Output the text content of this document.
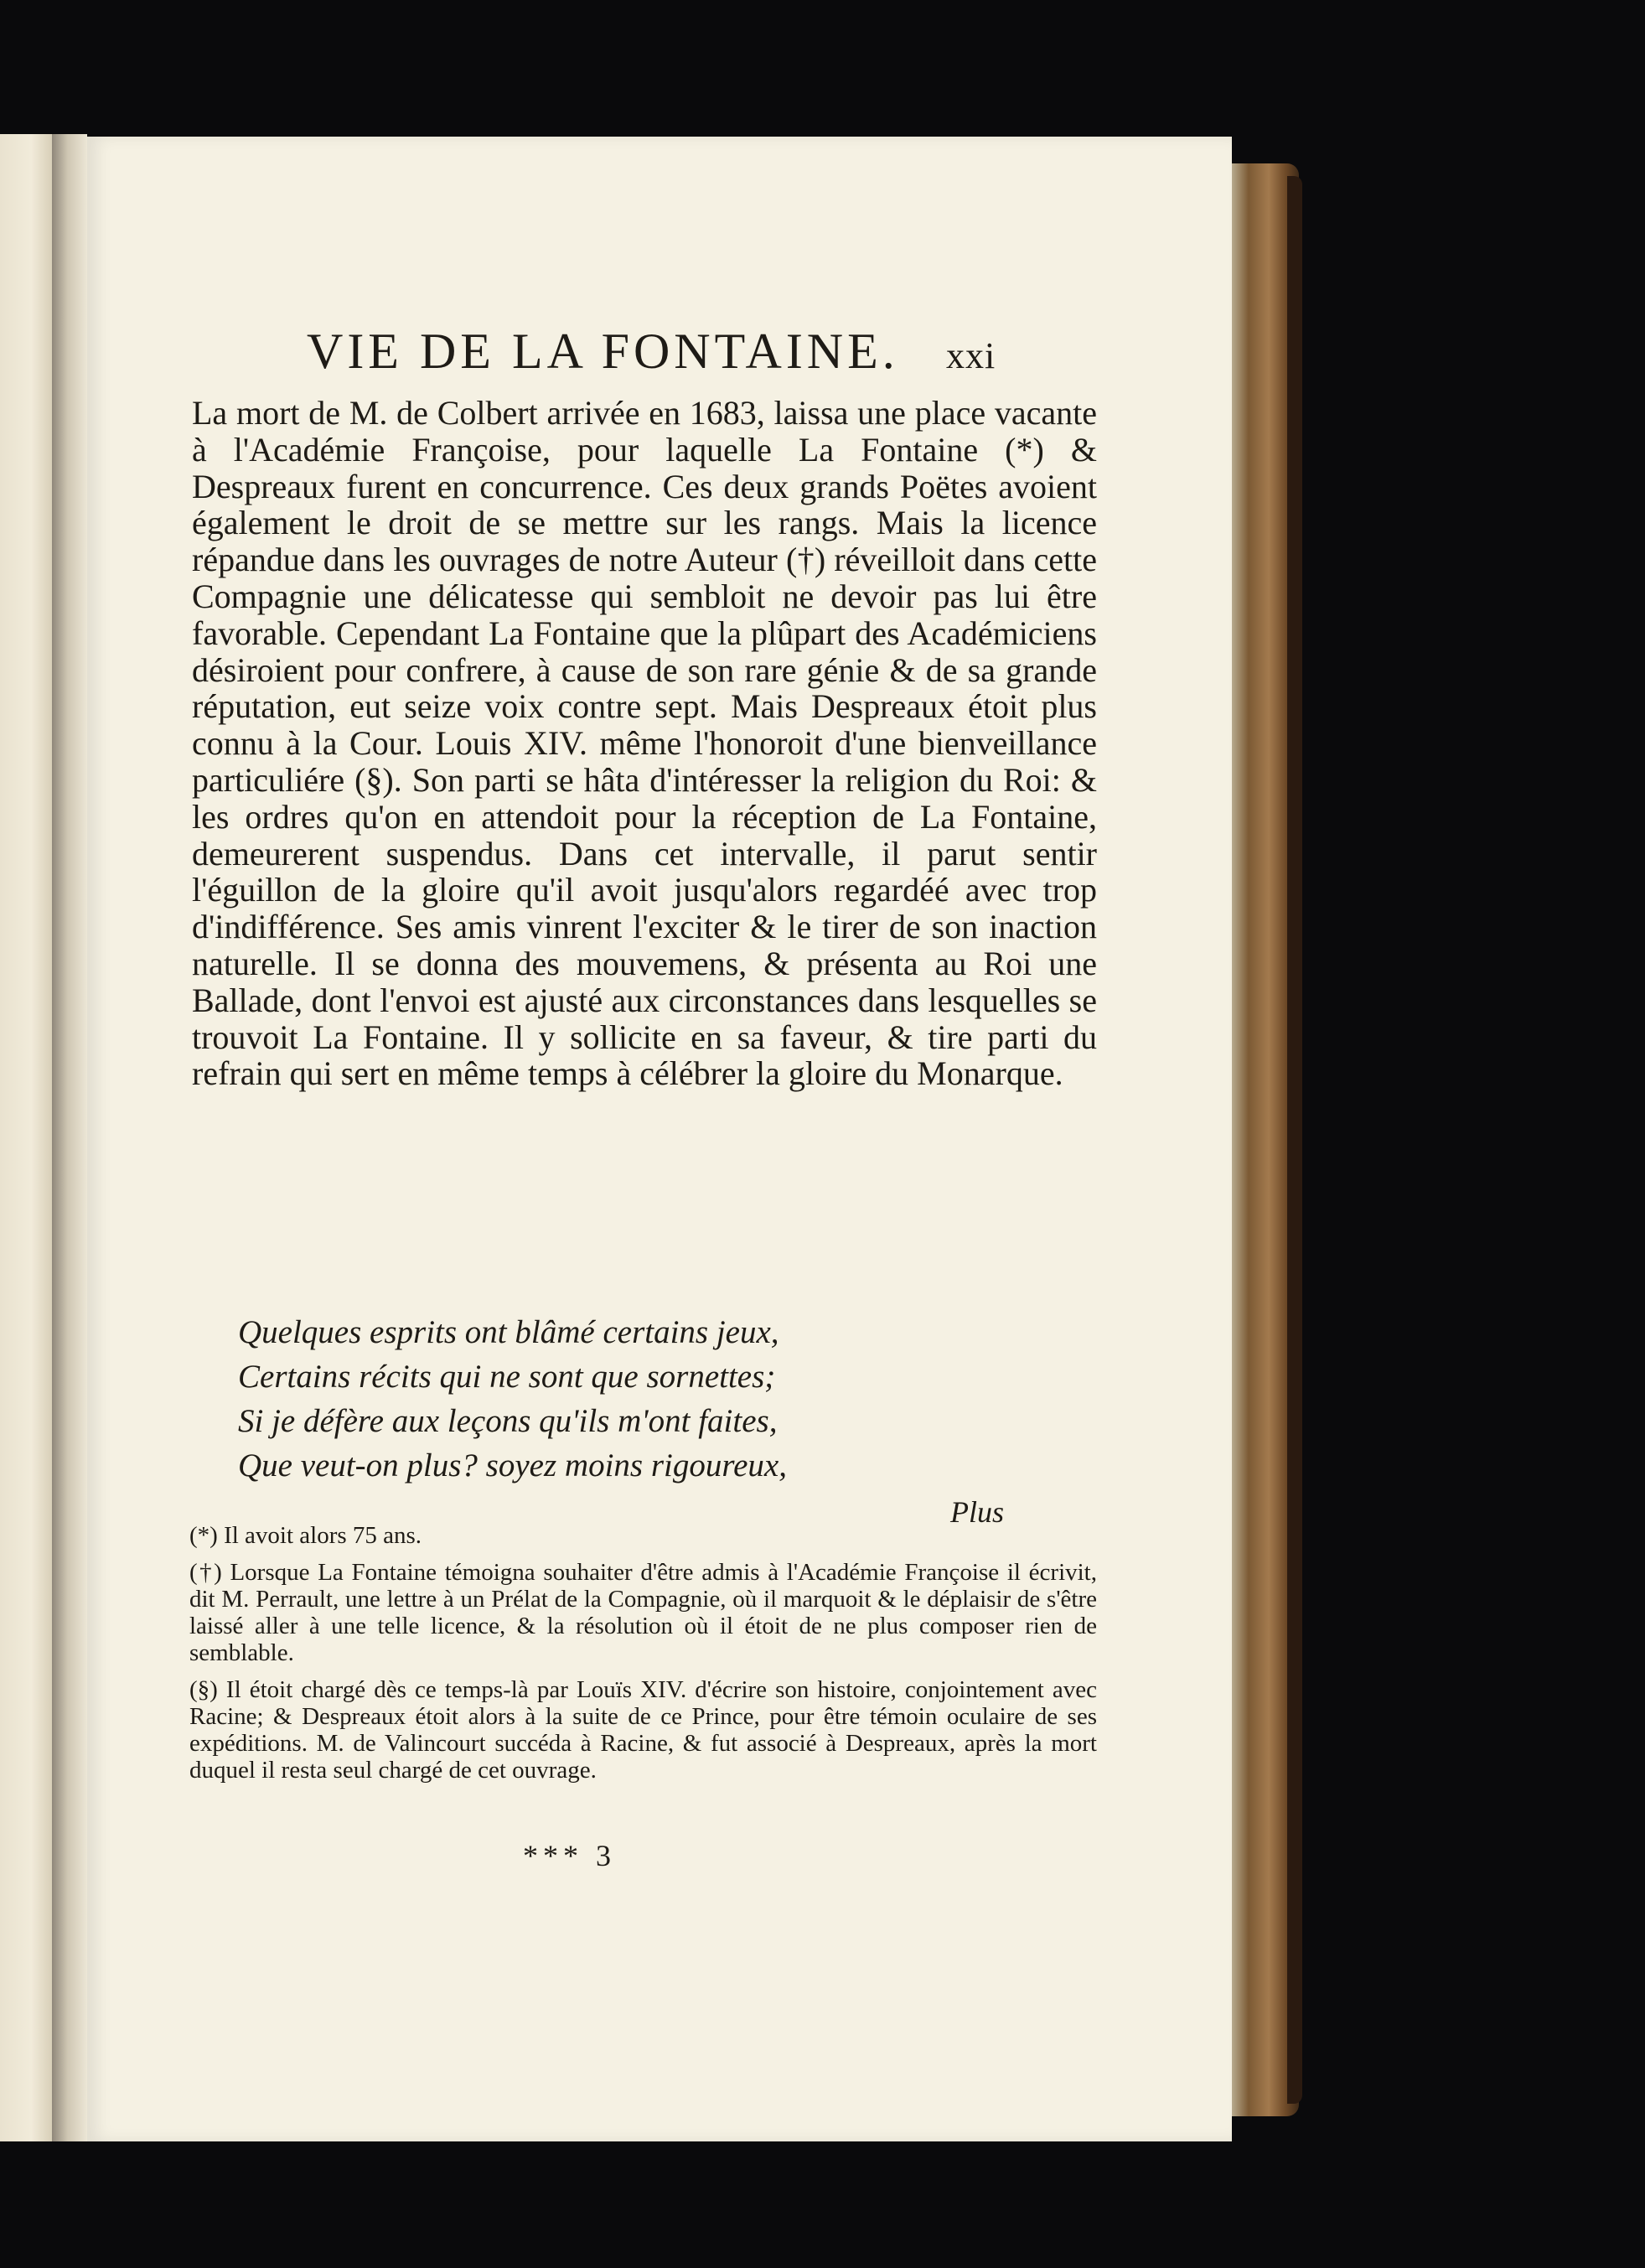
VIE DE LA FONTAINE. xxi

La mort de M. de Colbert arrivée en 1683, laissa une place vacante à l'Académie Françoise, pour laquelle La Fontaine (*) & Despreaux furent en concurrence. Ces deux grands Poëtes avoient également le droit de se mettre sur les rangs. Mais la licence répandue dans les ouvrages de notre Auteur (†) réveilloit dans cette Compagnie une délicatesse qui sembloit ne devoir pas lui être favorable. Cependant La Fontaine que la plûpart des Académiciens désiroient pour confrere, à cause de son rare génie & de sa grande réputation, eut seize voix contre sept. Mais Despreaux étoit plus connu à la Cour. Louis XIV. même l'honoroit d'une bienveillance particuliére (§). Son parti se hâta d'intéresser la religion du Roi: & les ordres qu'on en attendoit pour la réception de La Fontaine, demeurerent suspendus. Dans cet intervalle, il parut sentir l'éguillon de la gloire qu'il avoit jusqu'alors regardéé avec trop d'indifférence. Ses amis vinrent l'exciter & le tirer de son inaction naturelle. Il se donna des mouvemens, & présenta au Roi une Ballade, dont l'envoi est ajusté aux circonstances dans lesquelles se trouvoit La Fontaine. Il y sollicite en sa faveur, & tire parti du refrain qui sert en même temps à célébrer la gloire du Monarque.

Quelques esprits ont blâmé certains jeux,
Certains récits qui ne sont que sornettes;
Si je défère aux leçons qu'ils m'ont faites,
Que veut-on plus? soyez moins rigoureux,
Plus

(*) Il avoit alors 75 ans.

(†) Lorsque La Fontaine témoigna souhaiter d'être admis à l'Académie Françoise il écrivit, dit M. Perrault, une lettre à un Prélat de la Compagnie, où il marquoit & le déplaisir de s'être laissé aller à une telle licence, & la résolution où il étoit de ne plus composer rien de semblable.

(§) Il étoit chargé dès ce temps-là par Louïs XIV. d'écrire son histoire, conjointement avec Racine; & Despreaux étoit alors à la suite de ce Prince, pour être témoin oculaire de ses expéditions. M. de Valincourt succéda à Racine, & fut associé à Despreaux, après la mort duquel il resta seul chargé de cet ouvrage.

*** 3
